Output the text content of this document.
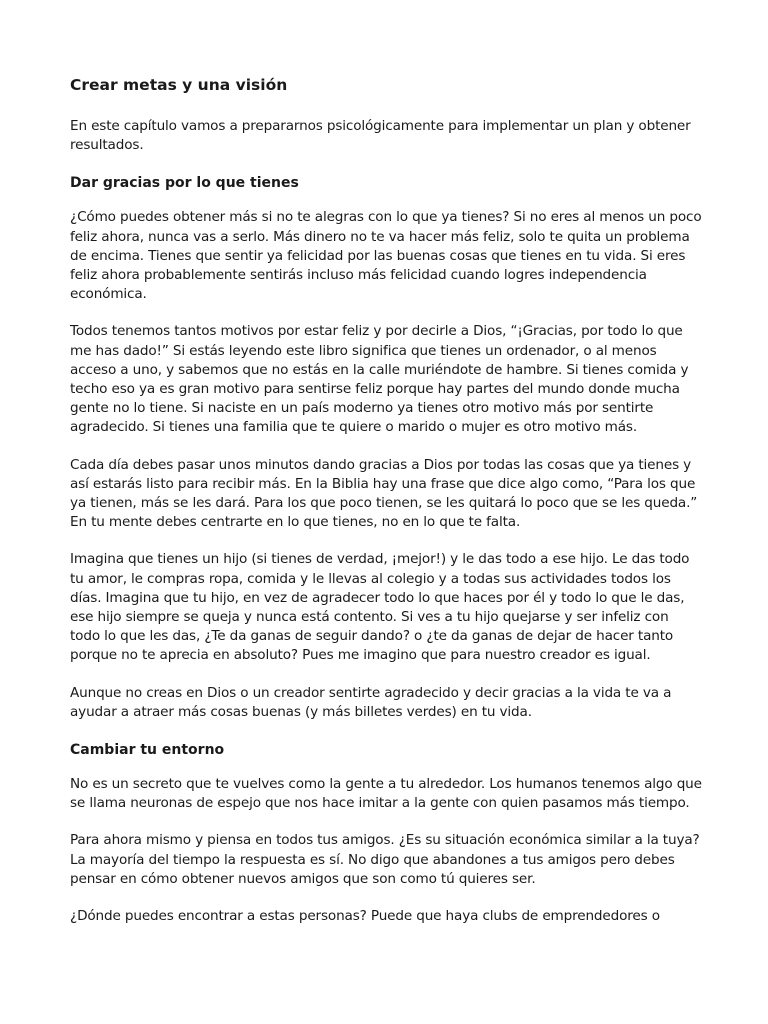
Crear metas y una visión

En este capítulo vamos a prepararnos psicológicamente para implementar un plan y obtener resultados.

Dar gracias por lo que tienes

¿Cómo puedes obtener más si no te alegras con lo que ya tienes? Si no eres al menos un poco feliz ahora, nunca vas a serlo. Más dinero no te va hacer más feliz, solo te quita un problema de encima. Tienes que sentir ya felicidad por las buenas cosas que tienes en tu vida. Si eres feliz ahora probablemente sentirás incluso más felicidad cuando logres independencia económica.

Todos tenemos tantos motivos por estar feliz y por decirle a Dios, “¡Gracias, por todo lo que me has dado!” Si estás leyendo este libro significa que tienes un ordenador, o al menos acceso a uno, y sabemos que no estás en la calle muriéndote de hambre. Si tienes comida y techo eso ya es gran motivo para sentirse feliz porque hay partes del mundo donde mucha gente no lo tiene. Si naciste en un país moderno ya tienes otro motivo más por sentirte agradecido. Si tienes una familia que te quiere o marido o mujer es otro motivo más.

Cada día debes pasar unos minutos dando gracias a Dios por todas las cosas que ya tienes y así estarás listo para recibir más. En la Biblia hay una frase que dice algo como, “Para los que ya tienen, más se les dará. Para los que poco tienen, se les quitará lo poco que se les queda.” En tu mente debes centrarte en lo que tienes, no en lo que te falta.

Imagina que tienes un hijo (si tienes de verdad, ¡mejor!) y le das todo a ese hijo. Le das todo tu amor, le compras ropa, comida y le llevas al colegio y a todas sus actividades todos los días. Imagina que tu hijo, en vez de agradecer todo lo que haces por él y todo lo que le das, ese hijo siempre se queja y nunca está contento. Si ves a tu hijo quejarse y ser infeliz con todo lo que les das, ¿Te da ganas de seguir dando? o ¿te da ganas de dejar de hacer tanto porque no te aprecia en absoluto? Pues me imagino que para nuestro creador es igual.

Aunque no creas en Dios o un creador sentirte agradecido y decir gracias a la vida te va a ayudar a atraer más cosas buenas (y más billetes verdes) en tu vida.

Cambiar tu entorno

No es un secreto que te vuelves como la gente a tu alrededor. Los humanos tenemos algo que se llama neuronas de espejo que nos hace imitar a la gente con quien pasamos más tiempo.

Para ahora mismo y piensa en todos tus amigos. ¿Es su situación económica similar a la tuya? La mayoría del tiempo la respuesta es sí. No digo que abandones a tus amigos pero debes pensar en cómo obtener nuevos amigos que son como tú quieres ser.

¿Dónde puedes encontrar a estas personas? Puede que haya clubs de emprendedores o
